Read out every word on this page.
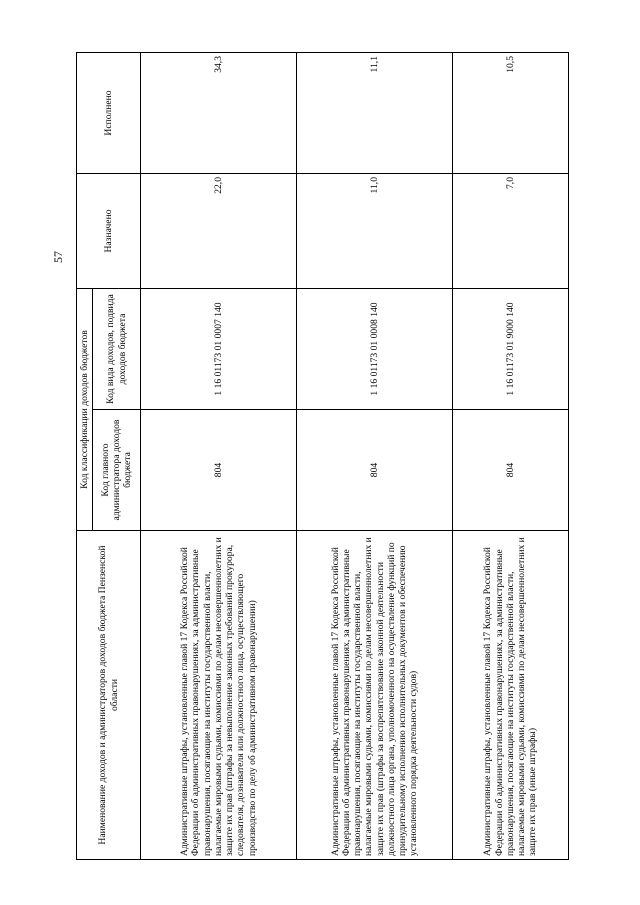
57
Наименование доходов и администраторов доходов бюджета Пензенской области	Код классификации доходов бюджетов		Назначено	Исполнено
	Код главного администратора доходов бюджета	Код вида доходов, подвида доходов бюджета		
Административные штрафы, установленные главой 17 Кодекса Российской Федерации об административных правонарушениях, за административные правонарушения, посягающие на институты государственной власти, налагаемые мировыми судьями, комиссиями по делам несовершеннолетних и защите их прав (штрафы за невыполнение законных требований прокурора, следователя, дознавателя или должностного лица, осуществляющего производство по делу об административном правонарушении)	804	1 16 01173 01 0007 140	22,0	34,3
Административные штрафы, установленные главой 17 Кодекса Российской Федерации об административных правонарушениях, за административные правонарушения, посягающие на институты государственной власти, налагаемые мировыми судьями, комиссиями по делам несовершеннолетних и защите их прав (штрафы за воспрепятствование законной деятельности должностного лица органа, уполномоченного на осуществление функций по принудительному исполнению исполнительных документов и обеспечению установленного порядка деятельности судов)	804	1 16 01173 01 0008 140	11,0	11,1
Административные штрафы, установленные главой 17 Кодекса Российской Федерации об административных правонарушениях, за административные правонарушения, посягающие на институты государственной власти, налагаемые мировыми судьями, комиссиями по делам несовершеннолетних и защите их прав (иные штрафы)	804	1 16 01173 01 9000 140	7,0	10,5
